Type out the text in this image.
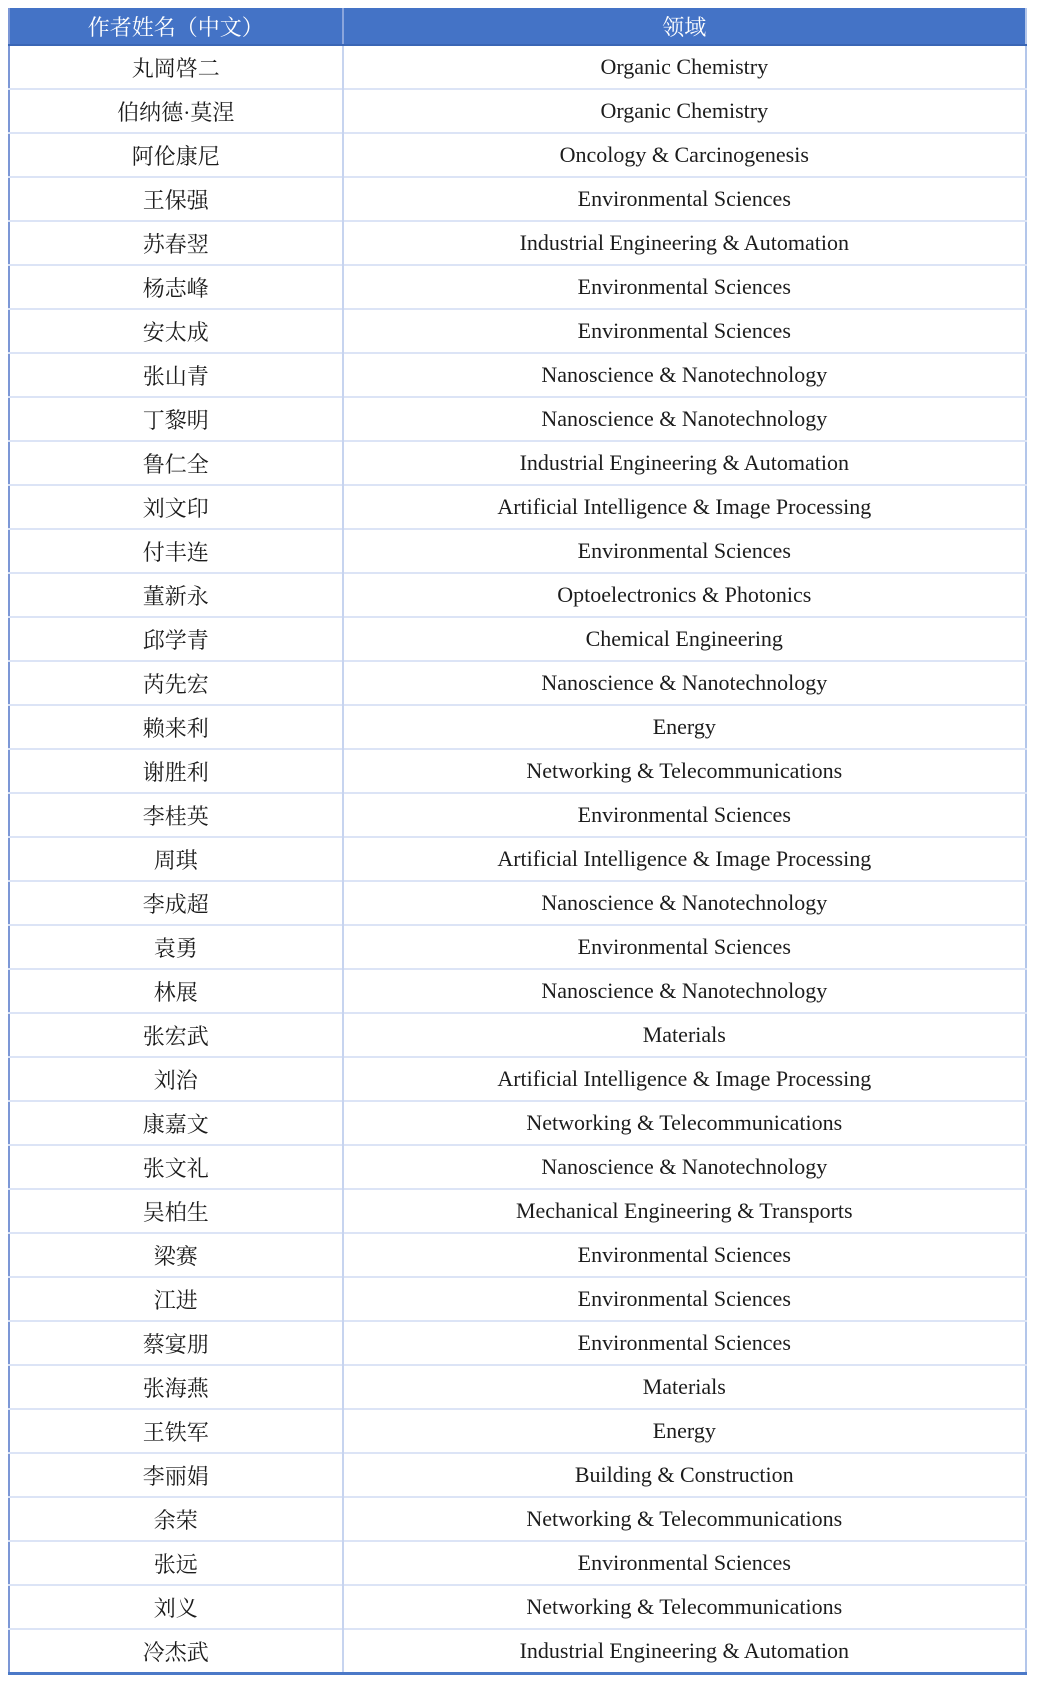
作者姓名（中文）	领域
丸岡啓二	Organic Chemistry
伯纳德·莫涅	Organic Chemistry
阿伦康尼	Oncology & Carcinogenesis
王保强	Environmental Sciences
苏春翌	Industrial Engineering & Automation
杨志峰	Environmental Sciences
安太成	Environmental Sciences
张山青	Nanoscience & Nanotechnology
丁黎明	Nanoscience & Nanotechnology
鲁仁全	Industrial Engineering & Automation
刘文印	Artificial Intelligence & Image Processing
付丰连	Environmental Sciences
董新永	Optoelectronics & Photonics
邱学青	Chemical Engineering
芮先宏	Nanoscience & Nanotechnology
赖来利	Energy
谢胜利	Networking & Telecommunications
李桂英	Environmental Sciences
周琪	Artificial Intelligence & Image Processing
李成超	Nanoscience & Nanotechnology
袁勇	Environmental Sciences
林展	Nanoscience & Nanotechnology
张宏武	Materials
刘治	Artificial Intelligence & Image Processing
康嘉文	Networking & Telecommunications
张文礼	Nanoscience & Nanotechnology
吴柏生	Mechanical Engineering & Transports
梁赛	Environmental Sciences
江进	Environmental Sciences
蔡宴朋	Environmental Sciences
张海燕	Materials
王铁军	Energy
李丽娟	Building & Construction
余荣	Networking & Telecommunications
张远	Environmental Sciences
刘义	Networking & Telecommunications
冷杰武	Industrial Engineering & Automation
